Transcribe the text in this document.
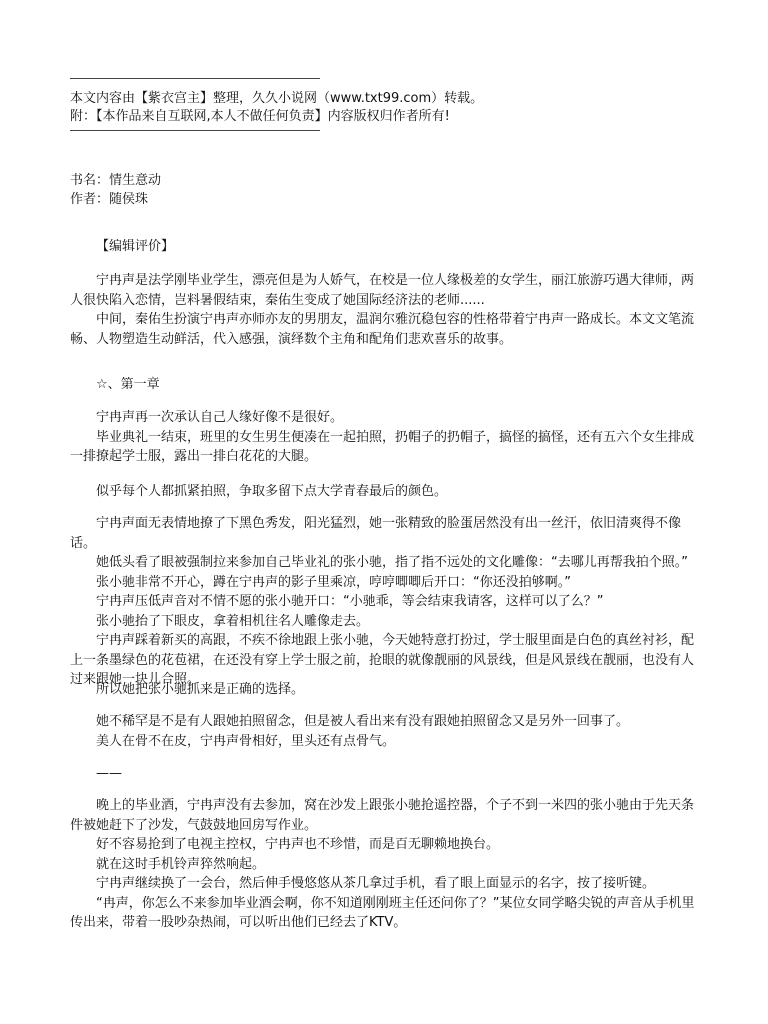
本文内容由【紫衣宫主】整理，久久小说网（www.txt99.com）转载。
附：【本作品来自互联网,本人不做任何负责】内容版权归作者所有!
书名：情生意动
作者：随侯珠
【编辑评价】

宁冉声是法学刚毕业学生，漂亮但是为人娇气，在校是一位人缘极差的女学生，丽江旅游巧遇大律师，两人很快陷入恋情，岂料暑假结束，秦佑生变成了她国际经济法的老师......

中间，秦佑生扮演宁冉声亦师亦友的男朋友，温润尔雅沉稳包容的性格带着宁冉声一路成长。本文文笔流畅、人物塑造生动鲜活，代入感强，演绎数个主角和配角们悲欢喜乐的故事。

☆、第一章

宁冉声再一次承认自己人缘好像不是很好。

毕业典礼一结束，班里的女生男生便凑在一起拍照，扔帽子的扔帽子，搞怪的搞怪，还有五六个女生排成一排撩起学士服，露出一排白花花的大腿。

似乎每个人都抓紧拍照，争取多留下点大学青春最后的颜色。

宁冉声面无表情地撩了下黑色秀发，阳光猛烈，她一张精致的脸蛋居然没有出一丝汗，依旧清爽得不像话。

她低头看了眼被强制拉来参加自己毕业礼的张小驰，指了指不远处的文化雕像：“去哪儿再帮我拍个照。”

张小驰非常不开心，蹲在宁冉声的影子里乘凉，哼哼唧唧后开口：“你还没拍够啊。”

宁冉声压低声音对不情不愿的张小驰开口：“小驰乖，等会结束我请客，这样可以了么？”

张小驰抬了下眼皮，拿着相机往名人雕像走去。

宁冉声踩着新买的高跟，不疾不徐地跟上张小驰，今天她特意打扮过，学士服里面是白色的真丝衬衫，配上一条墨绿色的花苞裙，在还没有穿上学士服之前，抢眼的就像靓丽的风景线，但是风景线在靓丽，也没有人过来跟她一块儿合照。

所以她把张小驰抓来是正确的选择。

她不稀罕是不是有人跟她拍照留念，但是被人看出来有没有跟她拍照留念又是另外一回事了。

美人在骨不在皮，宁冉声骨相好，里头还有点骨气。

——

晚上的毕业酒，宁冉声没有去参加，窝在沙发上跟张小驰抢遥控器，个子不到一米四的张小驰由于先天条件被她赶下了沙发，气鼓鼓地回房写作业。

好不容易抢到了电视主控权，宁冉声也不珍惜，而是百无聊赖地换台。

就在这时手机铃声猝然响起。

宁冉声继续换了一会台，然后伸手慢悠悠从茶几拿过手机，看了眼上面显示的名字，按了接听键。

“冉声，你怎么不来参加毕业酒会啊，你不知道刚刚班主任还问你了？”某位女同学略尖锐的声音从手机里传出来，带着一股吵杂热闹，可以听出他们已经去了KTV。
